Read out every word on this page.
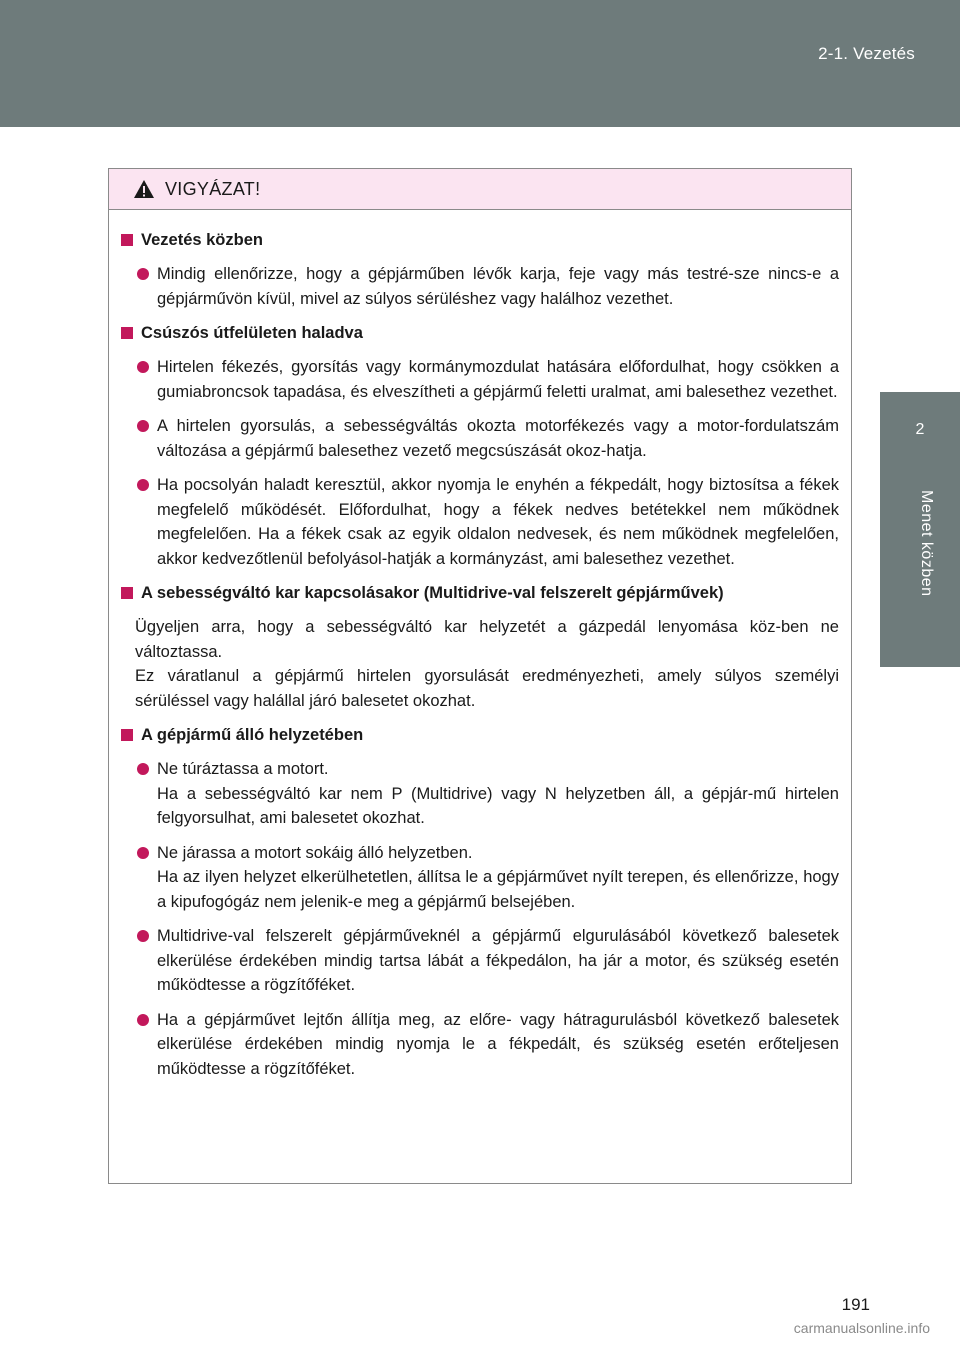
2-1. Vezetés
2
Menet közben
VIGYÁZAT!
Vezetés közben
Mindig ellenőrizze, hogy a gépjárműben lévők karja, feje vagy más testré-sze nincs-e a gépjárművön kívül, mivel az súlyos sérüléshez vagy halálhoz vezethet.
Csúszós útfelületen haladva
Hirtelen fékezés, gyorsítás vagy kormánymozdulat hatására előfordulhat, hogy csökken a gumiabroncsok tapadása, és elveszítheti a gépjármű feletti uralmat, ami balesethez vezethet.
A hirtelen gyorsulás, a sebességváltás okozta motorfékezés vagy a motor-fordulatszám változása a gépjármű balesethez vezető megcsúszását okoz-hatja.
Ha pocsolyán haladt keresztül, akkor nyomja le enyhén a fékpedált, hogy biztosítsa a fékek megfelelő működését. Előfordulhat, hogy a fékek nedves betétekkel nem működnek megfelelően. Ha a fékek csak az egyik oldalon nedvesek, és nem működnek megfelelően, akkor kedvezőtlenül befolyásol-hatják a kormányzást, ami balesethez vezethet.
A sebességváltó kar kapcsolásakor (Multidrive-val felszerelt gépjárművek)
Ügyeljen arra, hogy a sebességváltó kar helyzetét a gázpedál lenyomása köz-ben ne változtassa.
Ez váratlanul a gépjármű hirtelen gyorsulását eredményezheti, amely súlyos személyi sérüléssel vagy halállal járó balesetet okozhat.
A gépjármű álló helyzetében
Ne túráztassa a motort.
Ha a sebességváltó kar nem P (Multidrive) vagy N helyzetben áll, a gépjár-mű hirtelen felgyorsulhat, ami balesetet okozhat.
Ne járassa a motort sokáig álló helyzetben.
Ha az ilyen helyzet elkerülhetetlen, állítsa le a gépjárművet nyílt terepen, és ellenőrizze, hogy a kipufogógáz nem jelenik-e meg a gépjármű belsejében.
Multidrive-val felszerelt gépjárműveknél a gépjármű elgurulásából következő balesetek elkerülése érdekében mindig tartsa lábát a fékpedálon, ha jár a motor, és szükség esetén működtesse a rögzítőféket.
Ha a gépjárművet lejtőn állítja meg, az előre- vagy hátragurulásból következő balesetek elkerülése érdekében mindig nyomja le a fékpedált, és szükség esetén erőteljesen működtesse a rögzítőféket.
191
carmanualsonline.info
